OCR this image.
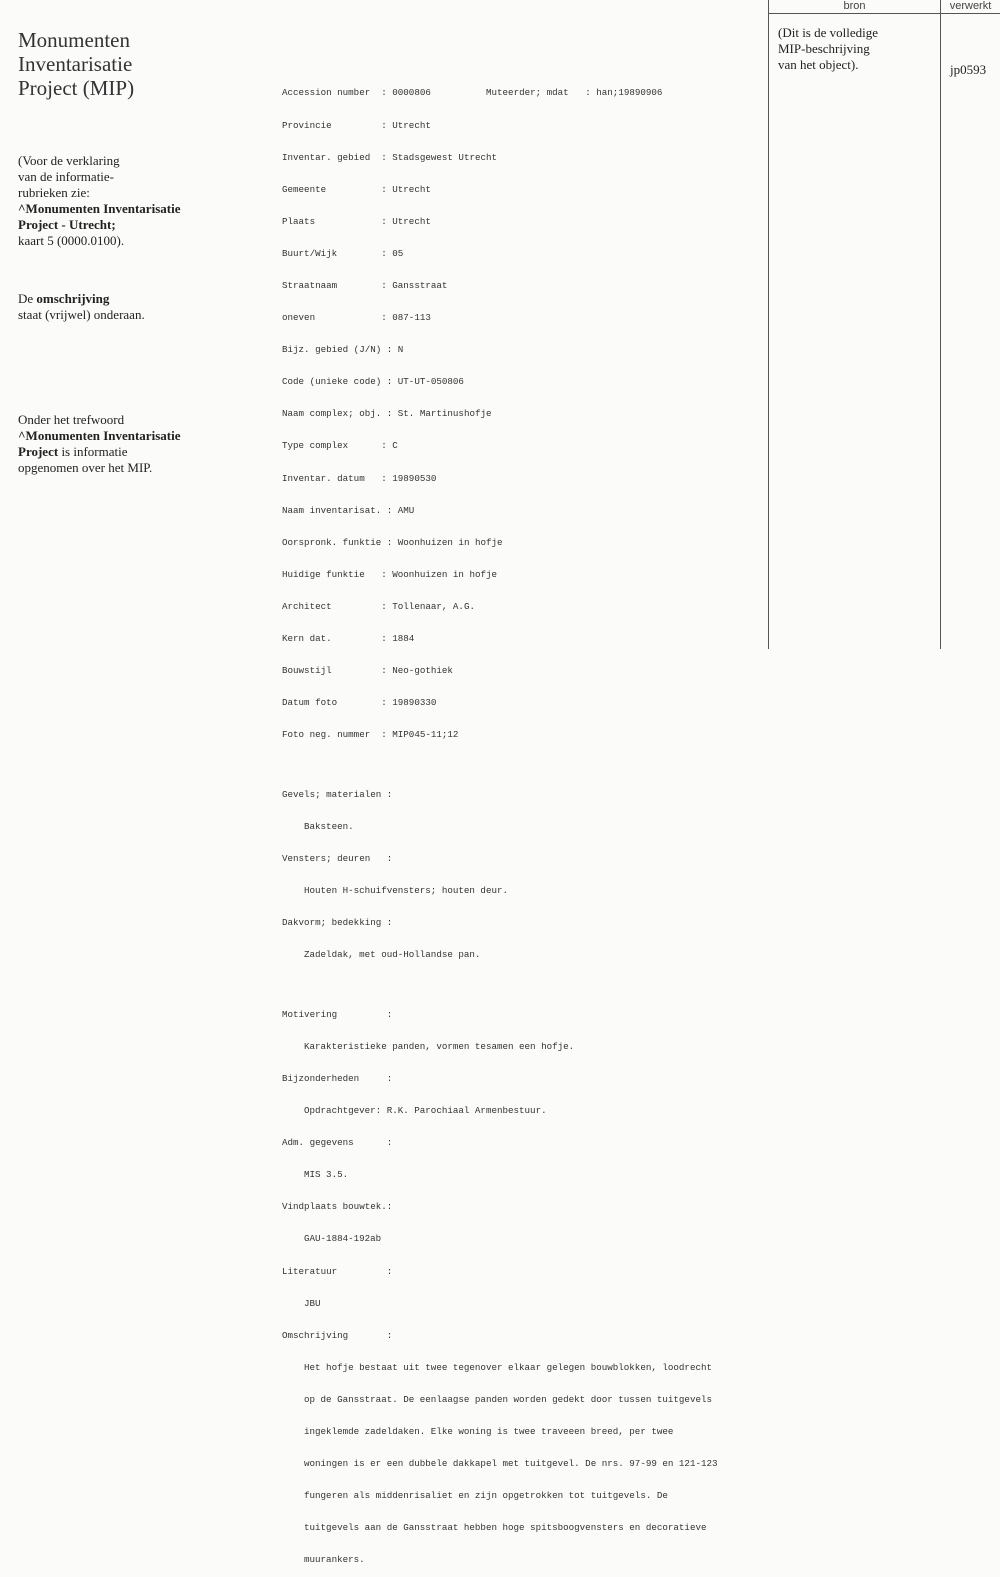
bron	verwerkt
Monumenten
Inventarisatie
Project (MIP)
(Voor de verklaring
van de informatie-
rubrieken zie:
^Monumenten Inventarisatie
Project - Utrecht;
kaart 5 (0000.0100).
De omschrijving
staat (vrijwel) onderaan.
Onder het trefwoord
^Monumenten Inventarisatie
Project is informatie
opgenomen over het MIP.

Accession number  : 0000806          Muteerder; mdat   : han;19890906

Provincie         : Utrecht

Inventar. gebied  : Stadsgewest Utrecht

Gemeente          : Utrecht

Plaats            : Utrecht

Buurt/Wijk        : 05

Straatnaam        : Gansstraat

oneven            : 087-113

Bijz. gebied (J/N) : N

Code (unieke code) : UT-UT-050806

Naam complex; obj. : St. Martinushofje

Type complex      : C

Inventar. datum   : 19890530

Naam inventarisat. : AMU

Oorspronk. funktie : Woonhuizen in hofje

Huidige funktie   : Woonhuizen in hofje

Architect         : Tollenaar, A.G.

Kern dat.         : 1884

Bouwstijl         : Neo-gothiek

Datum foto        : 19890330

Foto neg. nummer  : MIP045-11;12

Gevels; materialen :

Baksteen.

Vensters; deuren   :

Houten H-schuifvensters; houten deur.

Dakvorm; bedekking :

Zadeldak, met oud-Hollandse pan.

Motivering         :

Karakteristieke panden, vormen tesamen een hofje.

Bijzonderheden     :

Opdrachtgever: R.K. Parochiaal Armenbestuur.

Adm. gegevens      :

MIS 3.5.

Vindplaats bouwtek.:

GAU-1884-192ab

Literatuur         :

JBU

Omschrijving       :

Het hofje bestaat uit twee tegenover elkaar gelegen bouwblokken, loodrecht

op de Gansstraat. De eenlaagse panden worden gedekt door tussen tuitgevels

ingeklemde zadeldaken. Elke woning is twee traveeen breed, per twee

woningen is er een dubbele dakkapel met tuitgevel. De nrs. 97-99 en 121-123

fungeren als middenrisaliet en zijn opgetrokken tot tuitgevels. De

tuitgevels aan de Gansstraat hebben hoge spitsboogvensters en decoratieve

muurankers.

(Dit is de volledige
MIP-beschrijving
van het object).	jp0593
